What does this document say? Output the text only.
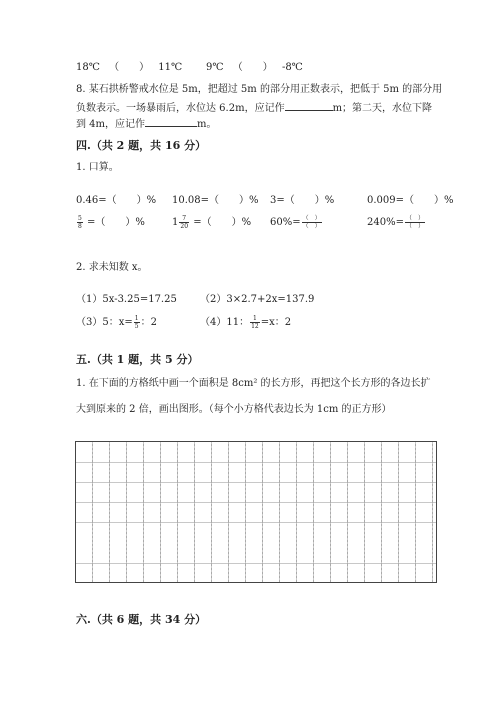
18℃ （　　） 11℃ 9℃ （　　） -8℃
8. 某石拱桥警戒水位是 5m，把超过 5m 的部分用正数表示，把低于 5m 的部分用
负数表示。一场暴雨后，水位达 6.2m，应记作	m；第二天，水位下降
到 4m，应记作	m。
四.（共 2 题，共 16 分）
1. 口算。
0.46=（　　）% 10.08=（　　）% 3=（　　）%	0.009=（　　）%
$\frac{5}{8}$ =（　　）%	$1 \frac{7}{20}$ =（　　）% $60\%= \frac{( )}{( )}$	$240\%= \frac{( )}{( )}$
2. 求未知数 x。
（1）5x-3.25=17.25 （2）3×2.7+2x=137.9
（3）5：$x= \frac{1}{5}$ ：2	（4）11： $\frac{1}{12} =x$：2
五.（共 1 题，共 5 分）
1. 在下面的方格纸中画一个面积是 8cm² 的长方形，再把这个长方形的各边长扩
大到原来的 2 倍，画出图形。（每个小方格代表边长为 1cm 的正方形）
六.（共 6 题，共 34 分）
